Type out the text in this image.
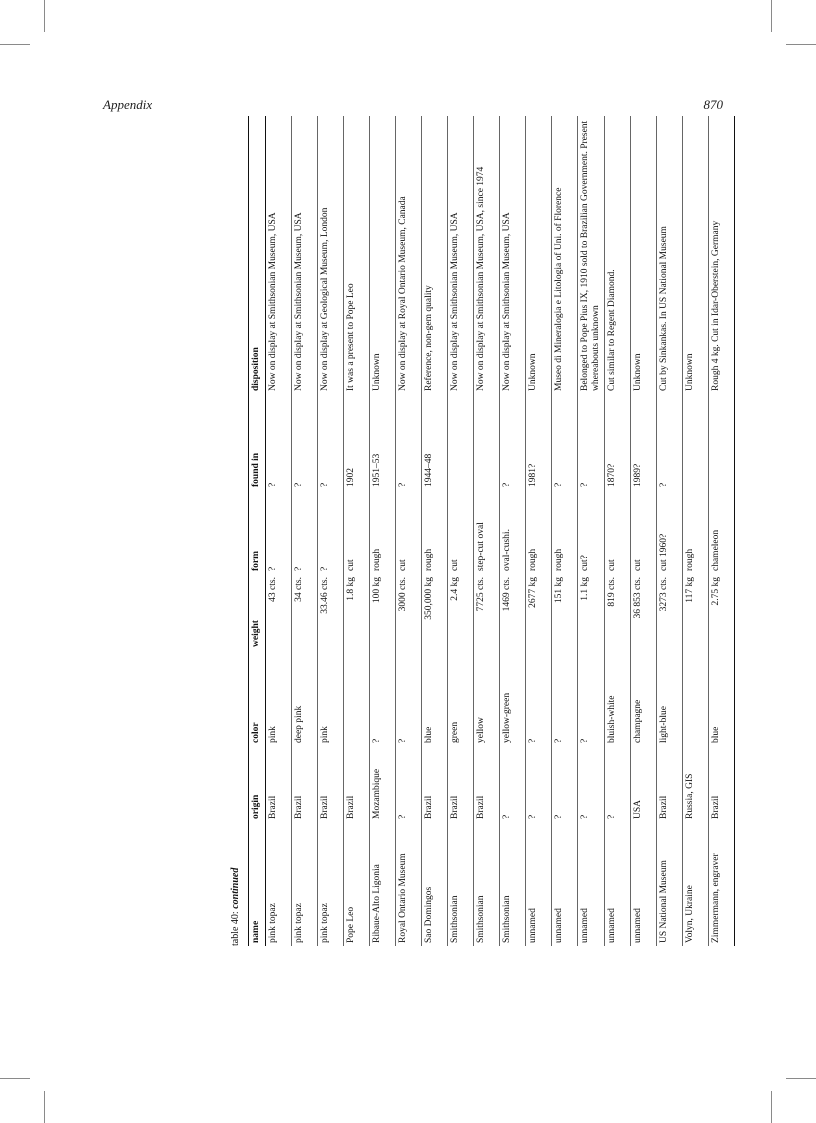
Appendix	870
table 40: continued
name	origin	color	weight	form	found in	disposition
pink topaz	Brazil	pink	43 cts.	?	?	Now on display at Smithsonian Museum, USA
pink topaz	Brazil	deep pink	34 cts.	?	?	Now on display at Smithsonian Museum, USA
pink topaz	Brazil	pink	33.46 cts.	?	?	Now on display at Geological Museum, London
Pope Leo	Brazil		1.8 kg	cut	1902	It was a present to Pope Leo
Ribaue-Alto Ligonia	Mozambique	?	100 kg	rough	1951–53	Unknown
Royal Ontario Museum	?	?	3000 cts.	cut	?	Now on display at Royal Ontario Museum, Canada
Sao Domingos	Brazil	blue	350,000 kg	rough	1944–48	Reference, non-gem quality
Smithsonian	Brazil	green	2.4 kg	cut		Now on display at Smithsonian Museum, USA
Smithsonian	Brazil	yellow	7725 cts.	step-cut oval		Now on display at Smithsonian Museum, USA, since 1974
Smithsonian	?	yellow-green	1469 cts.	oval-cushi.	?	Now on display at Smithsonian Museum, USA
unnamed	?	?	2677 kg	rough	1981?	Unknown
unnamed	?	?	151 kg	rough	?	Museo di Mineralogia e Litologia of Uni. of Florence
unnamed	?	?	1.1 kg	cut?	?	Belonged to Pope Pius IX, 1910 sold to Brazilian Government. Present whereabouts unknown
unnamed	?	bluish-white	819 cts.	cut	1870?	Cut similar to Regent Diamond.
unnamed	USA	champagne	36 853 cts.	cut	1989?	Unknown
US National Museum	Brazil	light-blue	3273 cts.	cut 1960?	?	Cut by Sinkankas. In US National Museum
Volyn, Ukraine	Russia, GIS		117 kg	rough		Unknown
Zimmermann, engraver	Brazil	blue	2.75 kg	chameleon		Rough 4 kg. Cut in Idar-Oberstein, Germany
